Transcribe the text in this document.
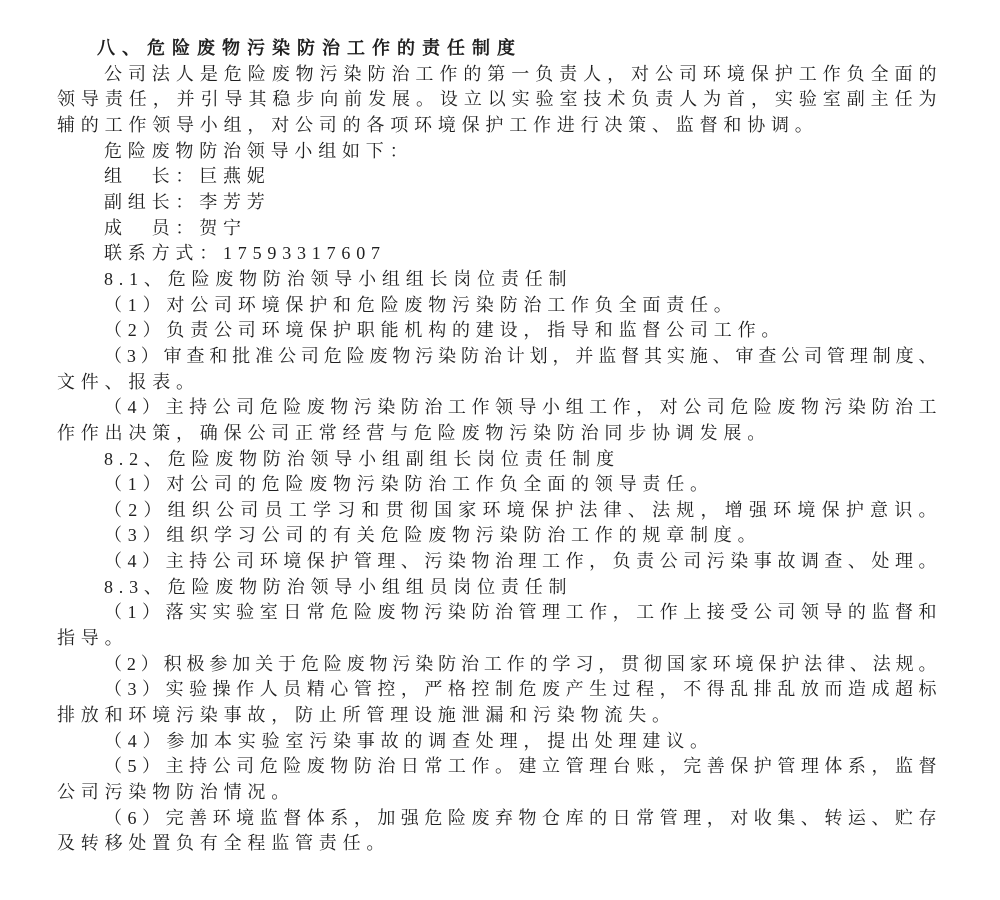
八、危险废物污染防治工作的责任制度
公司法人是危险废物污染防治工作的第一负责人，对公司环境保护工作负全面的
领导责任，并引导其稳步向前发展。设立以实验室技术负责人为首，实验室副主任为
辅的工作领导小组，对公司的各项环境保护工作进行决策、监督和协调。
危险废物防治领导小组如下：
组　长：巨燕妮
副组长：李芳芳
成　员：贺宁
联系方式：17593317607
8.1、危险废物防治领导小组组长岗位责任制
（1）对公司环境保护和危险废物污染防治工作负全面责任。
（2）负责公司环境保护职能机构的建设，指导和监督公司工作。
（3）审查和批准公司危险废物污染防治计划，并监督其实施、审查公司管理制度、
文件、报表。
（4）主持公司危险废物污染防治工作领导小组工作，对公司危险废物污染防治工
作作出决策，确保公司正常经营与危险废物污染防治同步协调发展。
8.2、危险废物防治领导小组副组长岗位责任制度
（1）对公司的危险废物污染防治工作负全面的领导责任。
（2）组织公司员工学习和贯彻国家环境保护法律、法规，增强环境保护意识。
（3）组织学习公司的有关危险废物污染防治工作的规章制度。
（4）主持公司环境保护管理、污染物治理工作，负责公司污染事故调查、处理。
8.3、危险废物防治领导小组组员岗位责任制
（1）落实实验室日常危险废物污染防治管理工作，工作上接受公司领导的监督和
指导。
（2）积极参加关于危险废物污染防治工作的学习，贯彻国家环境保护法律、法规。
（3）实验操作人员精心管控，严格控制危废产生过程，不得乱排乱放而造成超标
排放和环境污染事故，防止所管理设施泄漏和污染物流失。
（4）参加本实验室污染事故的调查处理，提出处理建议。
（5）主持公司危险废物防治日常工作。建立管理台账，完善保护管理体系，监督
公司污染物防治情况。
（6）完善环境监督体系，加强危险废弃物仓库的日常管理，对收集、转运、贮存
及转移处置负有全程监管责任。
